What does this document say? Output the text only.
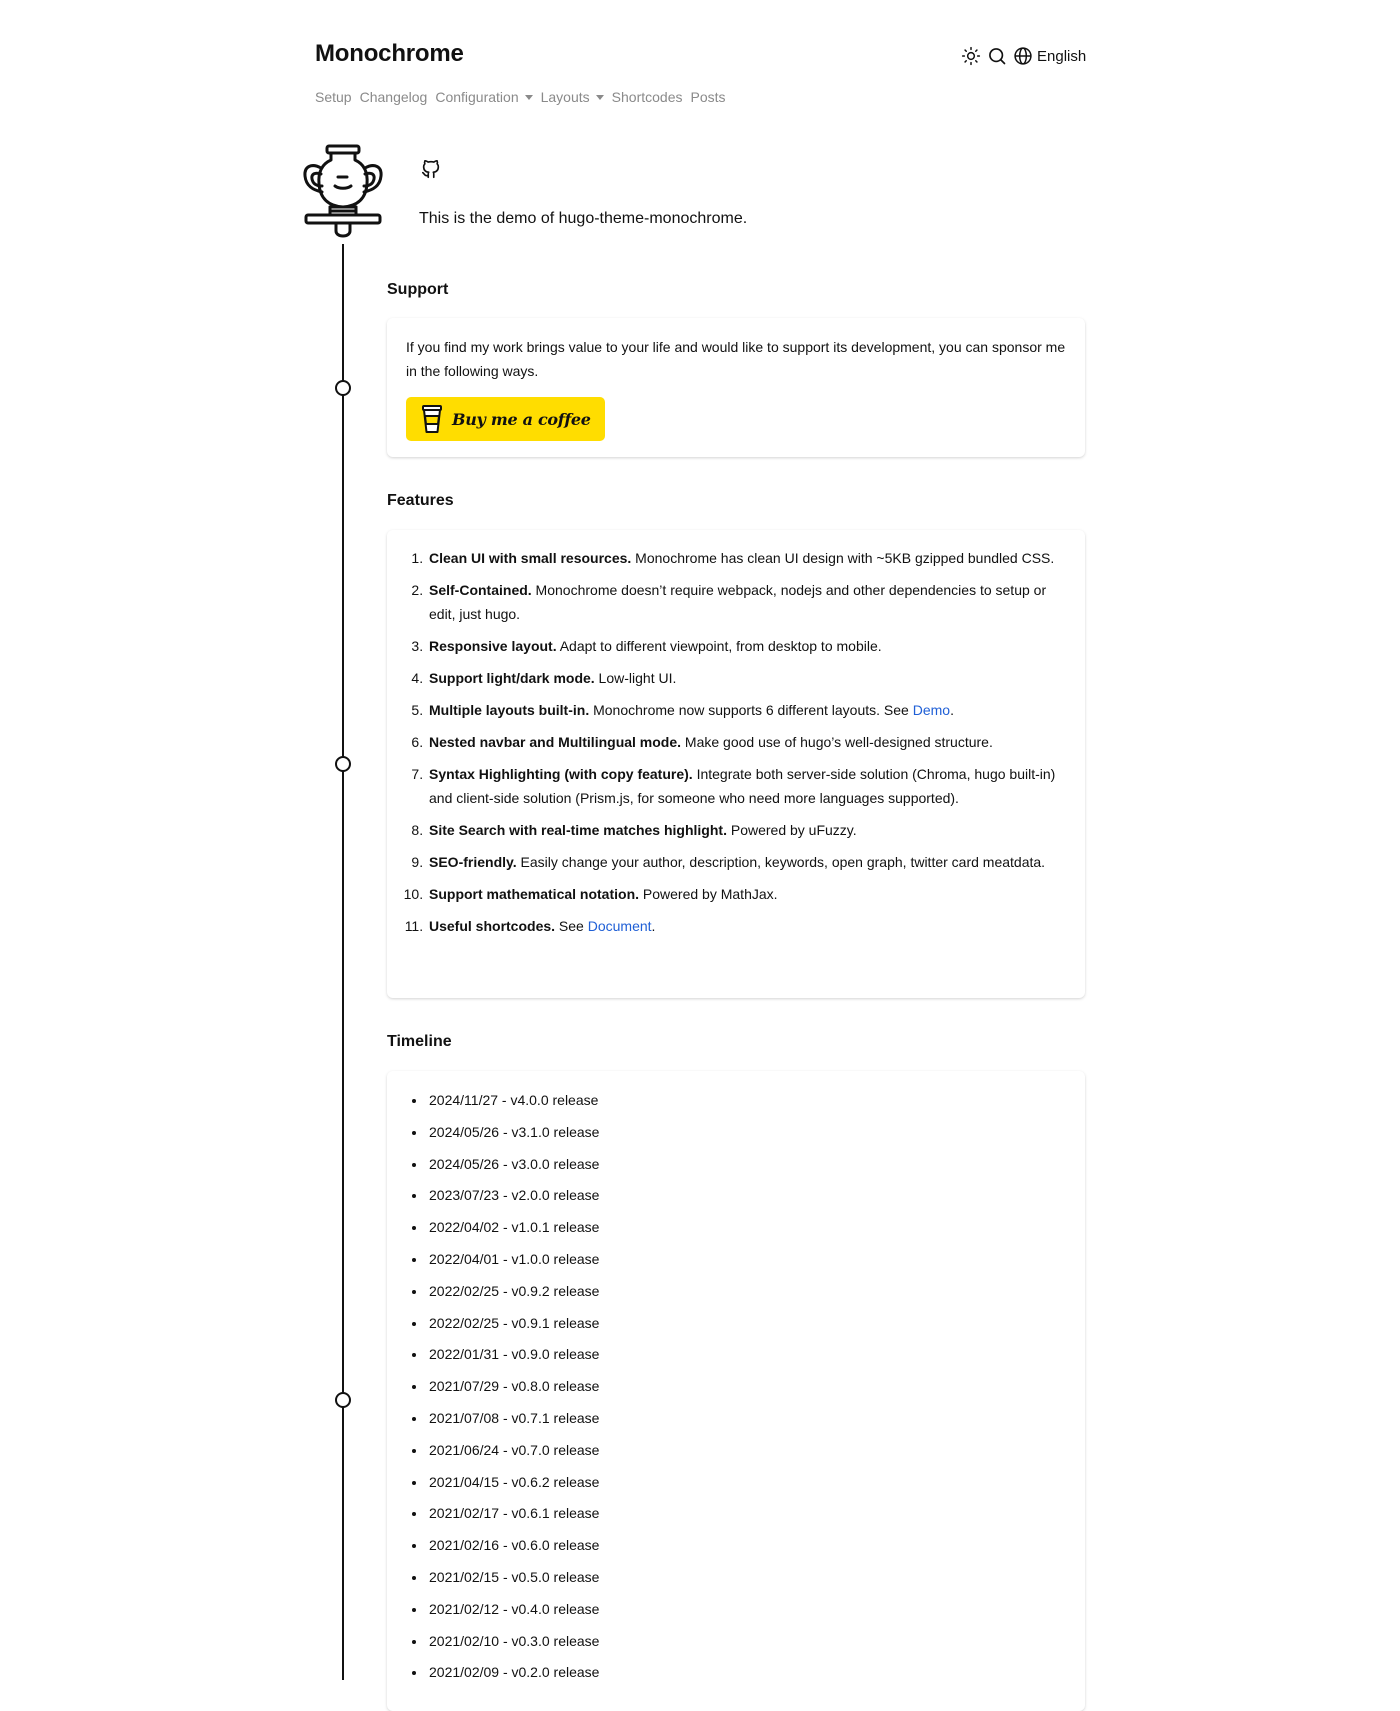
Monochrome	English
Setup Changelog Configuration Layouts Shortcodes Posts

This is the demo of hugo-theme-monochrome.

Support

If you find my work brings value to your life and would like to support its development, you can sponsor me in the following ways.

Buy me a coffee
Features
1. Clean UI with small resources. Monochrome has clean UI design with ~5KB gzipped bundled CSS.
2. Self-Contained. Monochrome doesn’t require webpack, nodejs and other dependencies to setup or edit, just hugo.
3. Responsive layout. Adapt to different viewpoint, from desktop to mobile.
4. Support light/dark mode. Low-light UI.
5. Multiple layouts built-in. Monochrome now supports 6 different layouts. See Demo.
6. Nested navbar and Multilingual mode. Make good use of hugo’s well-designed structure.
7. Syntax Highlighting (with copy feature). Integrate both server-side solution (Chroma, hugo built-in) and client-side solution (Prism.js, for someone who need more languages supported).
8. Site Search with real-time matches highlight. Powered by uFuzzy.
9. SEO-friendly. Easily change your author, description, keywords, open graph, twitter card meatdata.
10. Support mathematical notation. Powered by MathJax.
11. Useful shortcodes. See Document.
Timeline
• 2024/11/27 - v4.0.0 release
• 2024/05/26 - v3.1.0 release
• 2024/05/26 - v3.0.0 release
• 2023/07/23 - v2.0.0 release
• 2022/04/02 - v1.0.1 release
• 2022/04/01 - v1.0.0 release
• 2022/02/25 - v0.9.2 release
• 2022/02/25 - v0.9.1 release
• 2022/01/31 - v0.9.0 release
• 2021/07/29 - v0.8.0 release
• 2021/07/08 - v0.7.1 release
• 2021/06/24 - v0.7.0 release
• 2021/04/15 - v0.6.2 release
• 2021/02/17 - v0.6.1 release
• 2021/02/16 - v0.6.0 release
• 2021/02/15 - v0.5.0 release
• 2021/02/12 - v0.4.0 release
• 2021/02/10 - v0.3.0 release
• 2021/02/09 - v0.2.0 release
